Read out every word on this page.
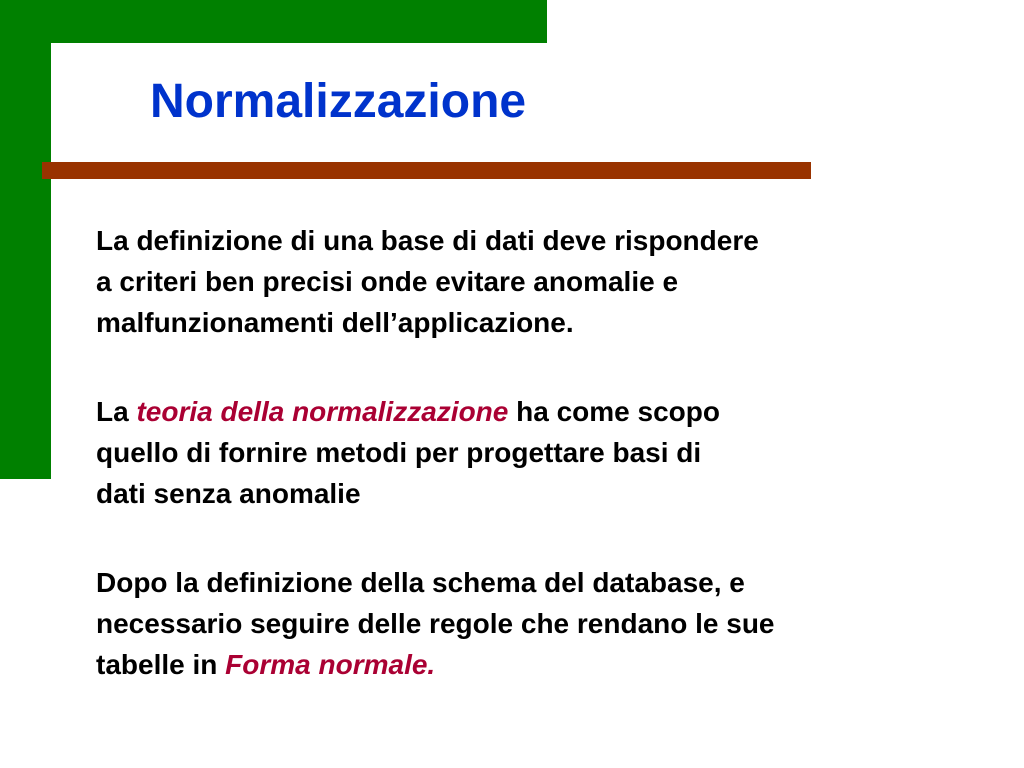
Normalizzazione

La definizione di una base di dati deve rispondere
a criteri ben precisi onde evitare anomalie e
malfunzionamenti dell’applicazione.

La teoria della normalizzazione ha come scopo
quello di fornire metodi per progettare basi di
dati senza anomalie

Dopo la definizione della schema del database, e
necessario seguire delle regole che rendano le sue
tabelle in Forma normale.
